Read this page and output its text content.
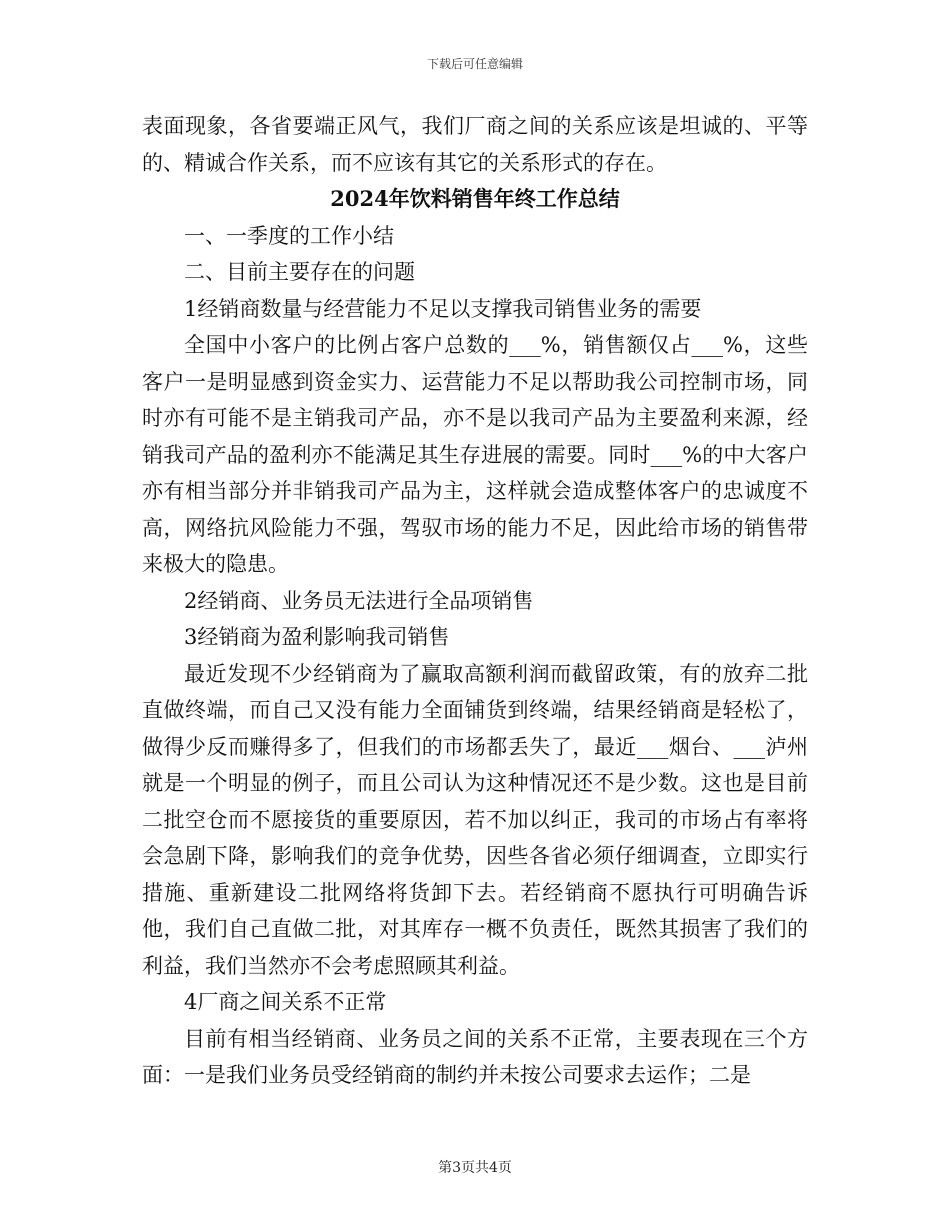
下载后可任意编辑

表面现象，各省要端正风气，我们厂商之间的关系应该是坦诚的、平等的、精诚合作关系，而不应该有其它的关系形式的存在。

2024年饮料销售年终工作总结

一、一季度的工作小结

二、目前主要存在的问题

1经销商数量与经营能力不足以支撑我司销售业务的需要

全国中小客户的比例占客户总数的___%，销售额仅占___%，这些客户一是明显感到资金实力、运营能力不足以帮助我公司控制市场，同时亦有可能不是主销我司产品，亦不是以我司产品为主要盈利来源，经销我司产品的盈利亦不能满足其生存进展的需要。同时___%的中大客户亦有相当部分并非销我司产品为主，这样就会造成整体客户的忠诚度不高，网络抗风险能力不强，驾驭市场的能力不足，因此给市场的销售带来极大的隐患。

2经销商、业务员无法进行全品项销售

3经销商为盈利影响我司销售

最近发现不少经销商为了赢取高额利润而截留政策，有的放弃二批直做终端，而自己又没有能力全面铺货到终端，结果经销商是轻松了，做得少反而赚得多了，但我们的市场都丢失了，最近___烟台、___泸州就是一个明显的例子，而且公司认为这种情况还不是少数。这也是目前二批空仓而不愿接货的重要原因，若不加以纠正，我司的市场占有率将会急剧下降，影响我们的竞争优势，因些各省必须仔细调查，立即实行措施、重新建设二批网络将货卸下去。若经销商不愿执行可明确告诉他，我们自己直做二批，对其库存一概不负责任，既然其损害了我们的利益，我们当然亦不会考虑照顾其利益。

4厂商之间关系不正常

目前有相当经销商、业务员之间的关系不正常，主要表现在三个方面：一是我们业务员受经销商的制约并未按公司要求去运作；二是

第3页共4页
